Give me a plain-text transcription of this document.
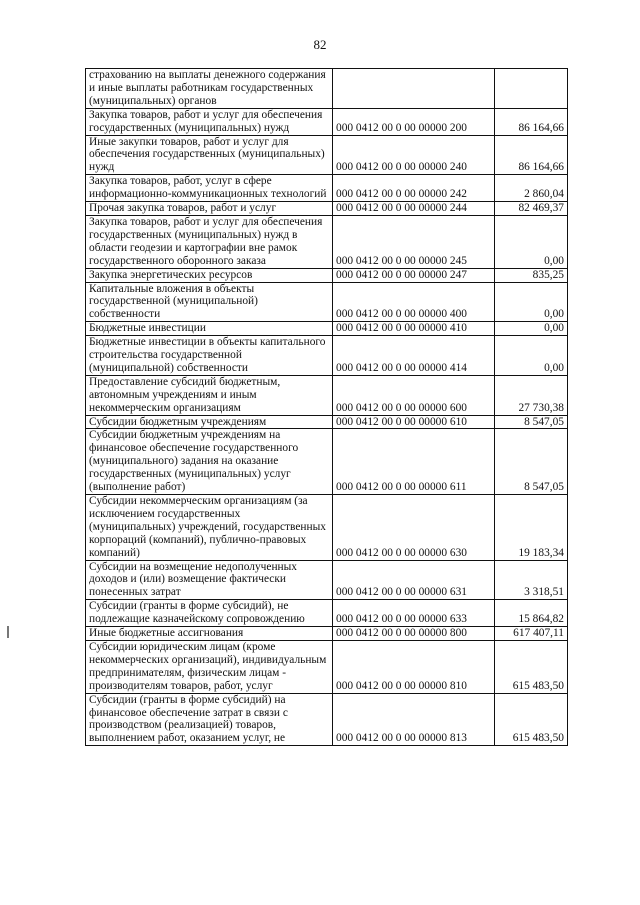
82
страхованию на выплаты денежного содержания и иные выплаты работникам государственных (муниципальных) органов		
Закупка товаров, работ и услуг для обеспечения государственных (муниципальных) нужд	000 0412 00 0 00 00000 200	86 164,66
Иные закупки товаров, работ и услуг для обеспечения государственных (муниципальных) нужд	000 0412 00 0 00 00000 240	86 164,66
Закупка товаров, работ, услуг в сфере информационно-коммуникационных технологий	000 0412 00 0 00 00000 242	2 860,04
Прочая закупка товаров, работ и услуг	000 0412 00 0 00 00000 244	82 469,37
Закупка товаров, работ и услуг для обеспечения государственных (муниципальных) нужд в области геодезии и картографии вне рамок государственного оборонного заказа	000 0412 00 0 00 00000 245	0,00
Закупка энергетических ресурсов	000 0412 00 0 00 00000 247	835,25
Капитальные вложения в объекты государственной (муниципальной) собственности	000 0412 00 0 00 00000 400	0,00
Бюджетные инвестиции	000 0412 00 0 00 00000 410	0,00
Бюджетные инвестиции в объекты капитального строительства государственной (муниципальной) собственности	000 0412 00 0 00 00000 414	0,00
Предоставление субсидий бюджетным, автономным учреждениям и иным некоммерческим организациям	000 0412 00 0 00 00000 600	27 730,38
Субсидии бюджетным учреждениям	000 0412 00 0 00 00000 610	8 547,05
Субсидии бюджетным учреждениям на финансовое обеспечение государственного (муниципального) задания на оказание государственных (муниципальных) услуг (выполнение работ)	000 0412 00 0 00 00000 611	8 547,05
Субсидии некоммерческим организациям (за исключением государственных (муниципальных) учреждений, государственных корпораций (компаний), публично-правовых компаний)	000 0412 00 0 00 00000 630	19 183,34
Субсидии на возмещение недополученных доходов и (или) возмещение фактически понесенных затрат	000 0412 00 0 00 00000 631	3 318,51
Субсидии (гранты в форме субсидий), не подлежащие казначейскому сопровождению	000 0412 00 0 00 00000 633	15 864,82
Иные бюджетные ассигнования	000 0412 00 0 00 00000 800	617 407,11
Субсидии юридическим лицам (кроме некоммерческих организаций), индивидуальным предпринимателям, физическим лицам - производителям товаров, работ, услуг	000 0412 00 0 00 00000 810	615 483,50
Субсидии (гранты в форме субсидий) на финансовое обеспечение затрат в связи с производством (реализацией) товаров, выполнением работ, оказанием услуг, не	000 0412 00 0 00 00000 813	615 483,50
